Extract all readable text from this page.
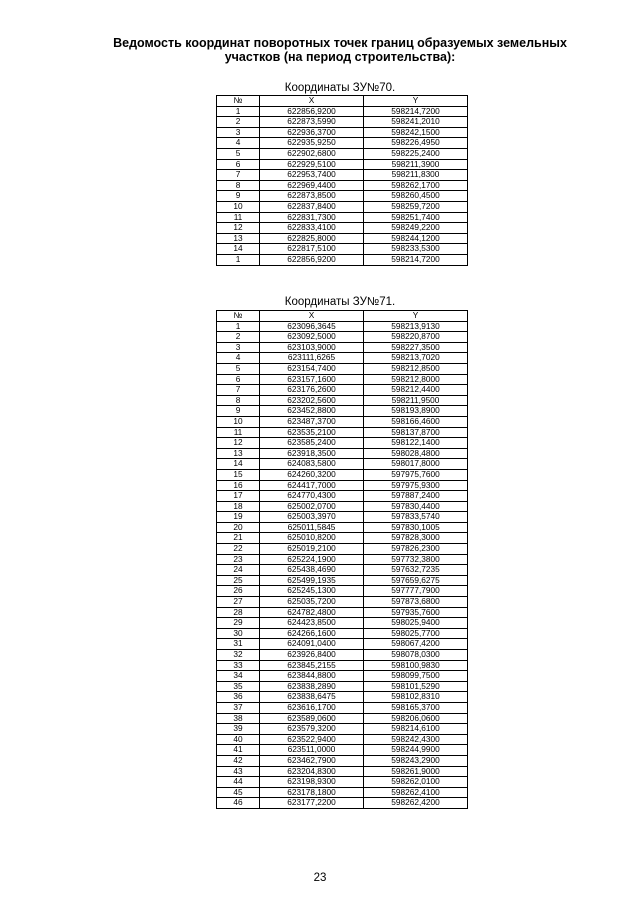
Ведомость координат поворотных точек границ образуемых земельных
участков (на период строительства):
Координаты ЗУ№70.
№	X	Y
1	622856,9200	598214,7200
2	622873,5990	598241,2010
3	622936,3700	598242,1500
4	622935,9250	598226,4950
5	622902,6800	598225,2400
6	622929,5100	598211,3900
7	622953,7400	598211,8300
8	622969,4400	598262,1700
9	622873,8500	598260,4500
10	622837,8400	598259,7200
11	622831,7300	598251,7400
12	622833,4100	598249,2200
13	622825,8000	598244,1200
14	622817,5100	598233,5300
1	622856,9200	598214,7200
Координаты ЗУ№71.
№	X	Y
1	623096,3645	598213,9130
2	623092,5000	598220,8700
3	623103,9000	598227,3500
4	623111,6265	598213,7020
5	623154,7400	598212,8500
6	623157,1600	598212,8000
7	623176,2600	598212,4400
8	623202,5600	598211,9500
9	623452,8800	598193,8900
10	623487,3700	598166,4600
11	623535,2100	598137,8700
12	623585,2400	598122,1400
13	623918,3500	598028,4800
14	624083,5800	598017,8000
15	624260,3200	597975,7600
16	624417,7000	597975,9300
17	624770,4300	597887,2400
18	625002,0700	597830,4400
19	625003,3970	597833,5740
20	625011,5845	597830,1005
21	625010,8200	597828,3000
22	625019,2100	597826,2300
23	625224,1900	597732,3800
24	625438,4690	597632,7235
25	625499,1935	597659,6275
26	625245,1300	597777,7900
27	625035,7200	597873,6800
28	624782,4800	597935,7600
29	624423,8500	598025,9400
30	624266,1600	598025,7700
31	624091,0400	598067,4200
32	623926,8400	598078,0300
33	623845,2155	598100,9830
34	623844,8800	598099,7500
35	623838,2890	598101,5290
36	623838,6475	598102,8310
37	623616,1700	598165,3700
38	623589,0600	598206,0600
39	623579,3200	598214,6100
40	623522,9400	598242,4300
41	623511,0000	598244,9900
42	623462,7900	598243,2900
43	623204,8300	598261,9000
44	623198,9300	598262,0100
45	623178,1800	598262,4100
46	623177,2200	598262,4200
23
